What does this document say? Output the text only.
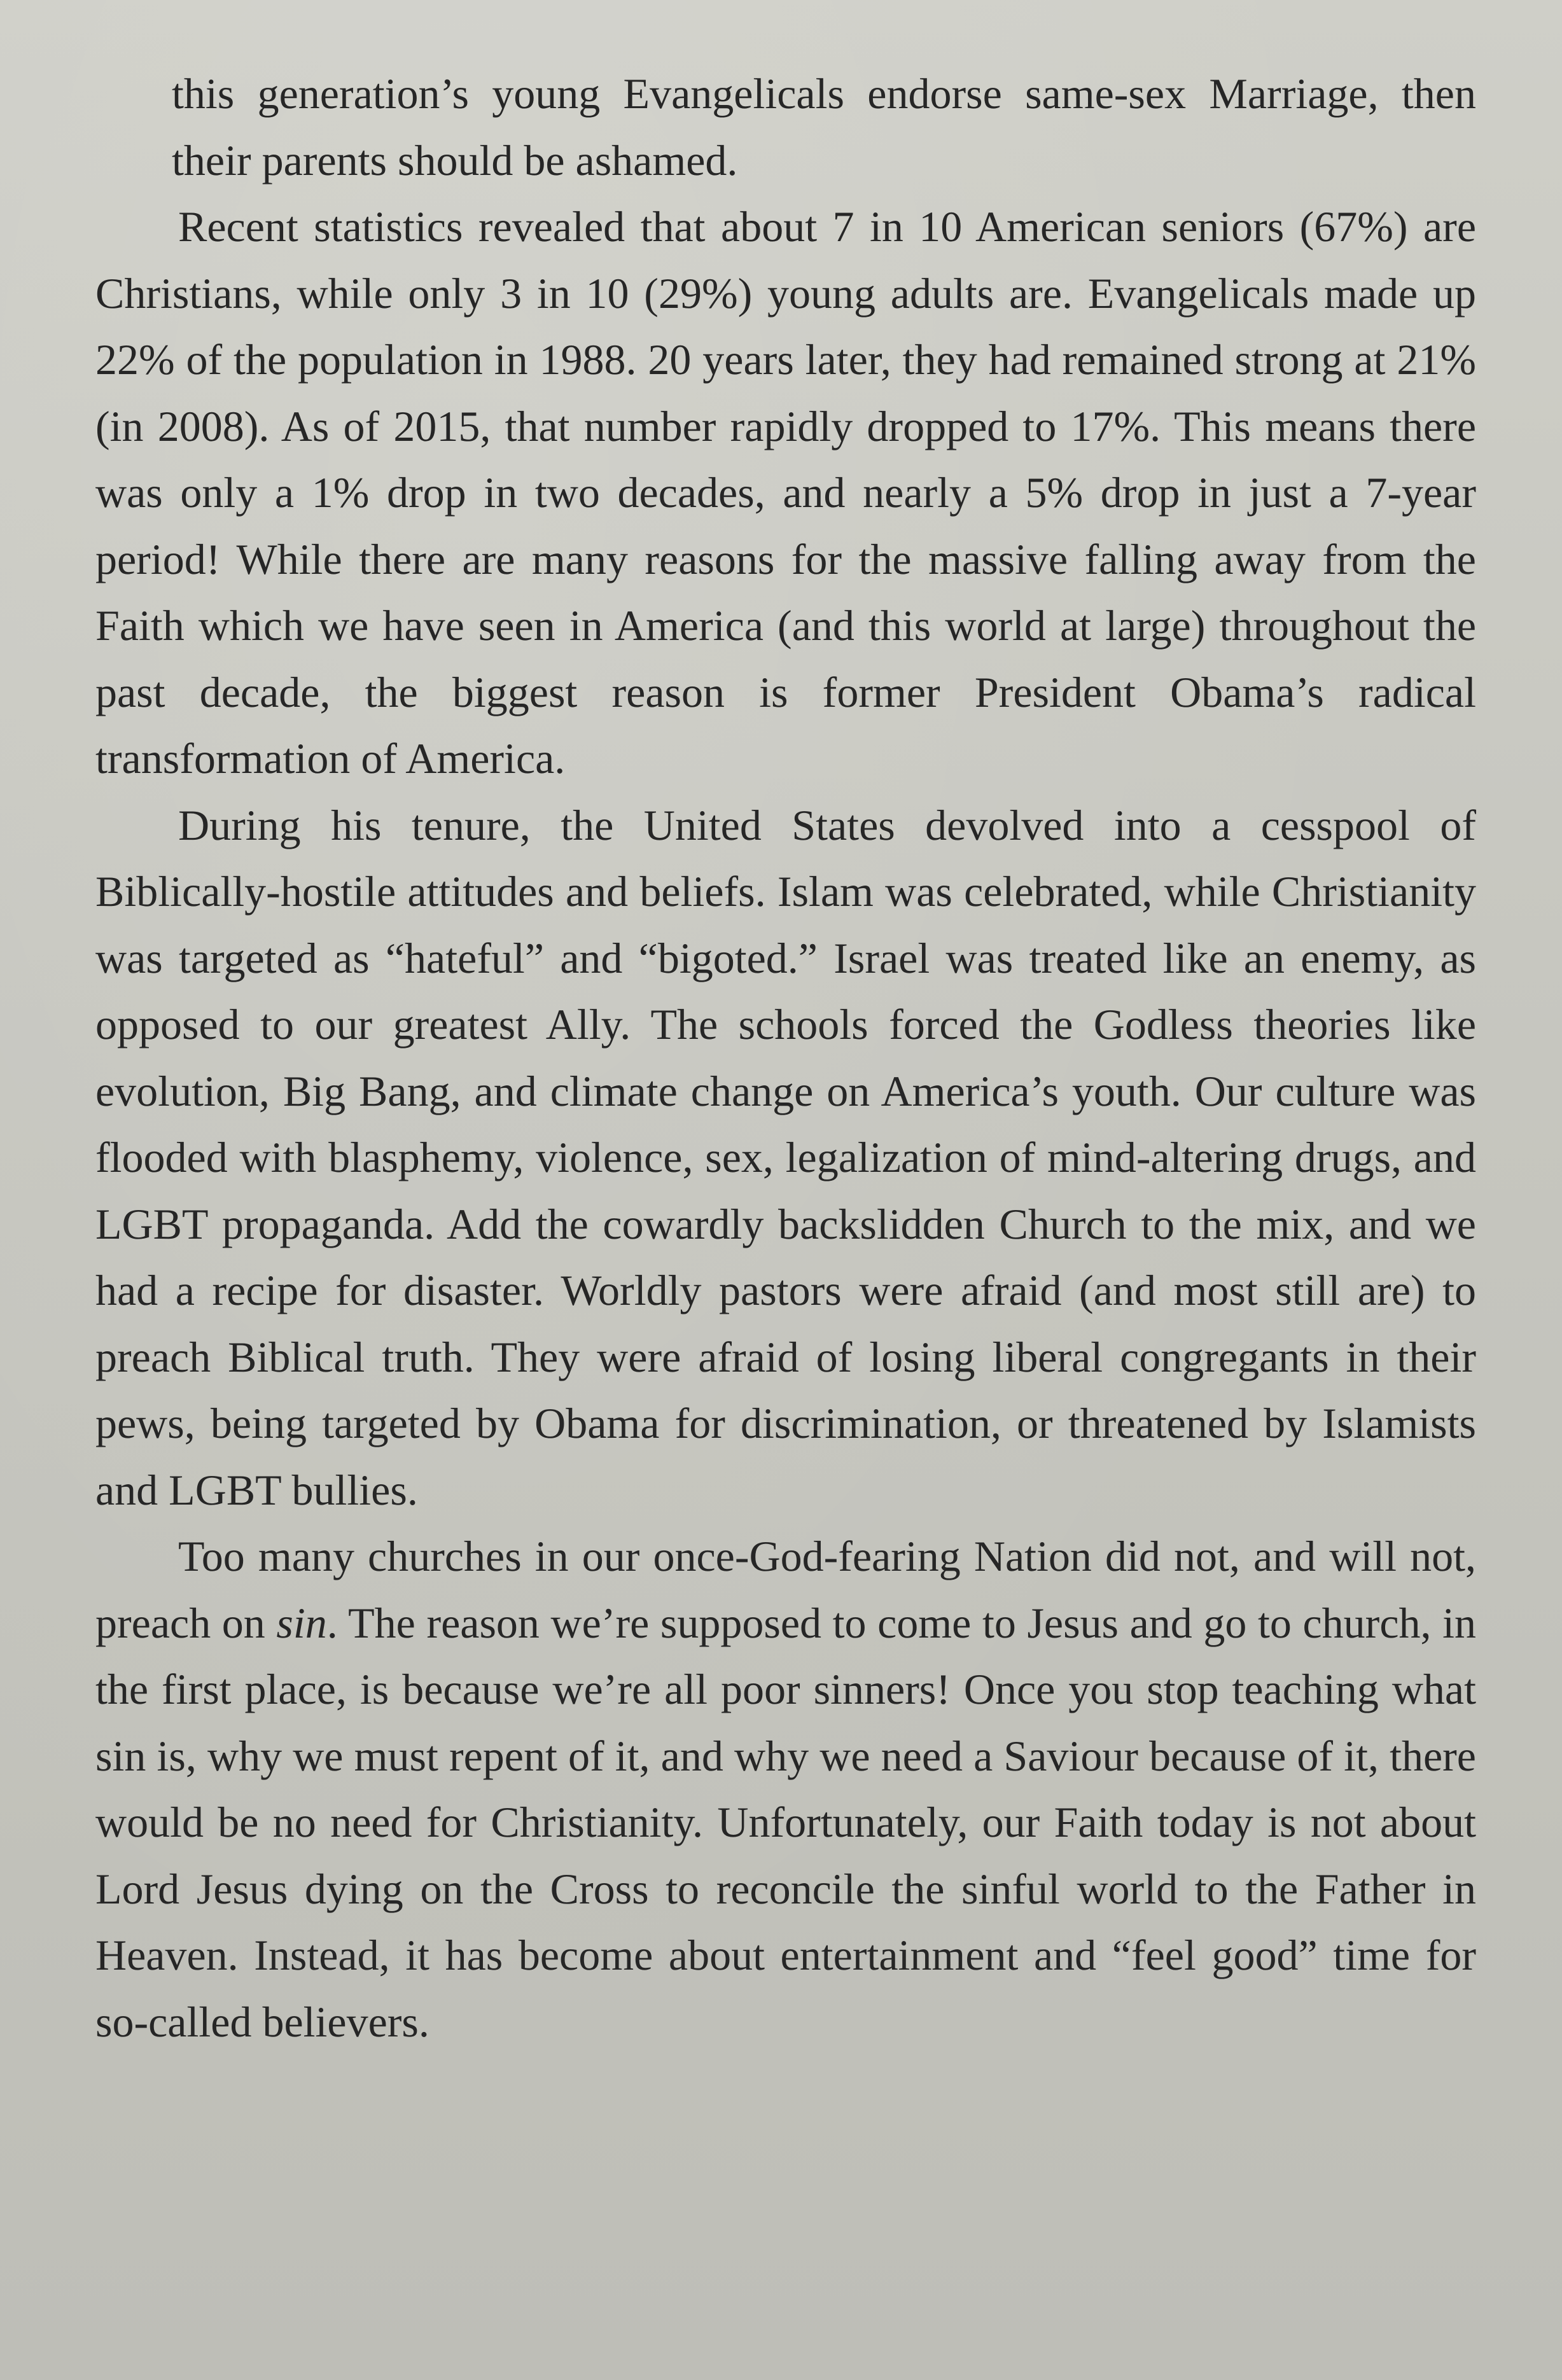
this generation’s young Evangelicals endorse same-sex Marriage, then their parents should be ashamed.

Recent statistics revealed that about 7 in 10 American seniors (67%) are Christians, while only 3 in 10 (29%) young adults are. Evangelicals made up 22% of the population in 1988. 20 years later, they had remained strong at 21% (in 2008). As of 2015, that number rapidly dropped to 17%. This means there was only a 1% drop in two decades, and nearly a 5% drop in just a 7-year period! While there are many reasons for the massive falling away from the Faith which we have seen in America (and this world at large) throughout the past decade, the biggest reason is former President Obama’s radical transformation of America.

During his tenure, the United States devolved into a cesspool of Biblically-hostile attitudes and beliefs. Islam was celebrated, while Christianity was targeted as “hateful” and “bigoted.” Israel was treated like an enemy, as opposed to our greatest Ally. The schools forced the Godless theories like evolution, Big Bang, and climate change on America’s youth. Our culture was flooded with blasphemy, violence, sex, legalization of mind-altering drugs, and LGBT propaganda. Add the cowardly backslidden Church to the mix, and we had a recipe for disaster. Worldly pastors were afraid (and most still are) to preach Biblical truth. They were afraid of losing liberal congregants in their pews, being targeted by Obama for discrimination, or threatened by Islamists and LGBT bullies.

Too many churches in our once-God-fearing Nation did not, and will not, preach on sin. The reason we’re supposed to come to Jesus and go to church, in the first place, is because we’re all poor sinners! Once you stop teaching what sin is, why we must repent of it, and why we need a Saviour because of it, there would be no need for Christianity. Unfortunately, our Faith today is not about Lord Jesus dying on the Cross to reconcile the sinful world to the Father in Heaven. Instead, it has become about entertainment and “feel good” time for so-called believers.
